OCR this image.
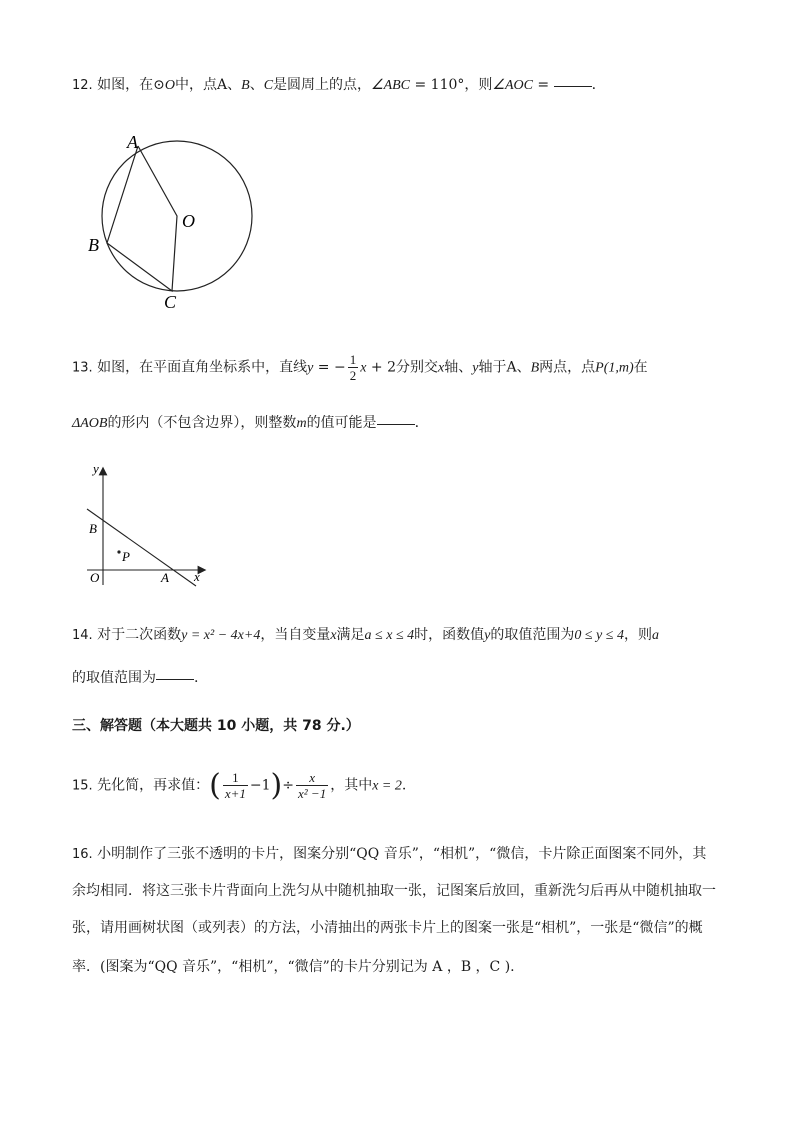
12. 如图，在⊙O中，点A、B、C是圆周上的点，∠ABC = 110°，则∠AOC =	.
A
B
C
O
13. 如图，在平面直角坐标系中，直线y = − $\frac{1}{2}$ x + 2分别交x轴、y轴于A、B两点，点P(1,m)在
ΔAOB的形内（不包含边界），则整数m的值可能是	.
y
x
B
P
O	A
14. 对于二次函数y = x² − 4x+4，当自变量x满足a ≤ x ≤ 4时，函数值y的取值范围为0 ≤ y ≤ 4，则a
的取值范围为	.
三、解答题（本大题共 10 小题，共 78 分.）
15. 先化简，再求值：( $\frac{1}{x+1} -1)\div \frac{x}{\text{x² −1}}$ ，其中x = 2.
16. 小明制作了三张不透明的卡片，图案分别“QQ 音乐”，“相机”，“微信，卡片除正面图案不同外，其
余均相同．将这三张卡片背面向上洗匀从中随机抽取一张，记图案后放回，重新洗匀后再从中随机抽取一
张，请用画树状图（或列表）的方法，小清抽出的两张卡片上的图案一张是“相机”，一张是“微信”的概
率．(图案为“QQ 音乐”，“相机”，“微信”的卡片分别记为 A ，B ，C ).
